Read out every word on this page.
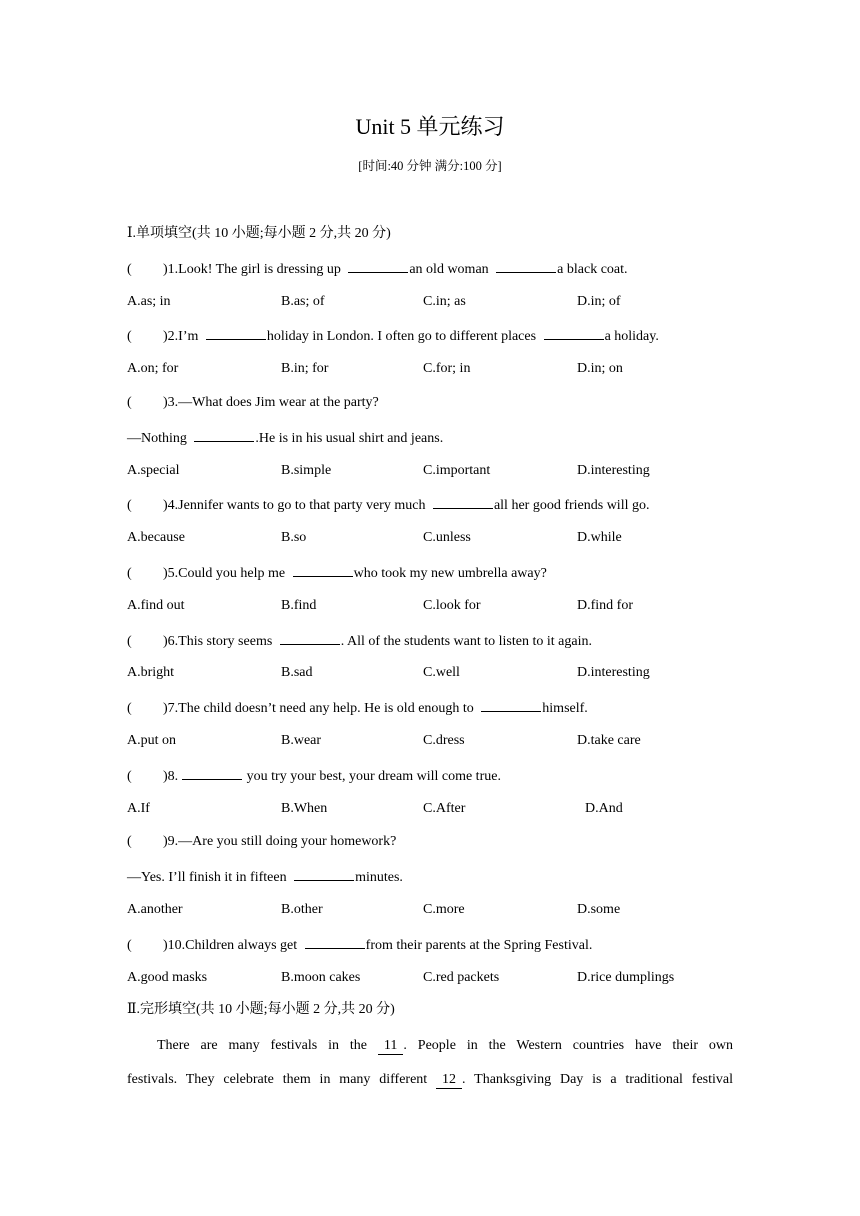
Unit 5 单元练习
[时间:40 分钟 满分:100 分]
Ⅰ.单项填空(共 10 小题;每小题 2 分,共 20 分)
( )1.Look! The girl is dressing up	an old woman	a black coat.
A.as; in	B.as; of	C.in; as	D.in; of
( )2.I’m	holiday in London. I often go to different places	a holiday.
A.on; for	B.in; for	C.for; in	D.in; on
( )3.—What does Jim wear at the party?
—Nothing	.He is in his usual shirt and jeans.
A.special	B.simple	C.important	D.interesting
( )4.Jennifer wants to go to that party very much	all her good friends will go.
A.because	B.so	C.unless	D.while
( )5.Could you help me	who took my new umbrella away?
A.find out	B.find	C.look for	D.find for
( )6.This story seems	. All of the students want to listen to it again.
A.bright	B.sad	C.well	D.interesting
( )7.The child doesn’t need any help. He is old enough to	himself.
A.put on	B.wear	C.dress	D.take care
( )8.	you try your best, your dream will come true.
A.If	B.When	C.After	D.And
( )9.—Are you still doing your homework?
—Yes. I’ll finish it in fifteen	minutes.
A.another	B.other	C.more	D.some
( )10.Children always get	from their parents at the Spring Festival.
A.good masks	B.moon cakes	C.red packets	D.rice dumplings
Ⅱ.完形填空(共 10 小题;每小题 2 分,共 20 分)
There are many festivals in the 11 . People in the Western countries have their own
festivals. They celebrate them in many different 12 . Thanksgiving Day is a traditional festival
